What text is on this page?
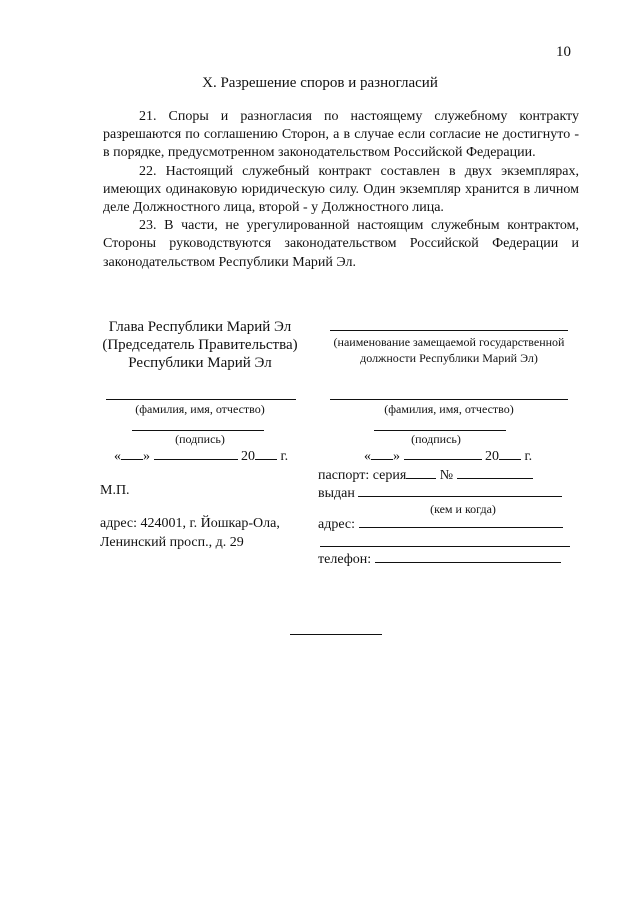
10
X. Разрешение споров и разногласий

21. Споры и разногласия по настоящему служебному контракту разрешаются по соглашению Сторон, а в случае если согласие не достигнуто - в порядке, предусмотренном законодательством Российской Федерации.

22. Настоящий служебный контракт составлен в двух экземплярах, имеющих одинаковую юридическую силу. Один экземпляр хранится в личном деле Должностного лица, второй - у Должностного лица.

23. В части, не урегулированной настоящим служебным контрактом, Стороны руководствуются законодательством Российской Федерации и законодательством Республики Марий Эл.

Глава Республики Марий Эл
(Председатель Правительства)
Республики Марий Эл
(фамилия, имя, отчество)
(подпись)
« »	20 г.
М.П.
адрес: 424001, г. Йошкар-Ола,
Ленинский просп., д. 29
(наименование замещаемой государственной должности Республики Марий Эл)
(фамилия, имя, отчество)
(подпись)
« »	20 г.
паспорт: серия №
выдан
(кем и когда)
адрес:
телефон:
